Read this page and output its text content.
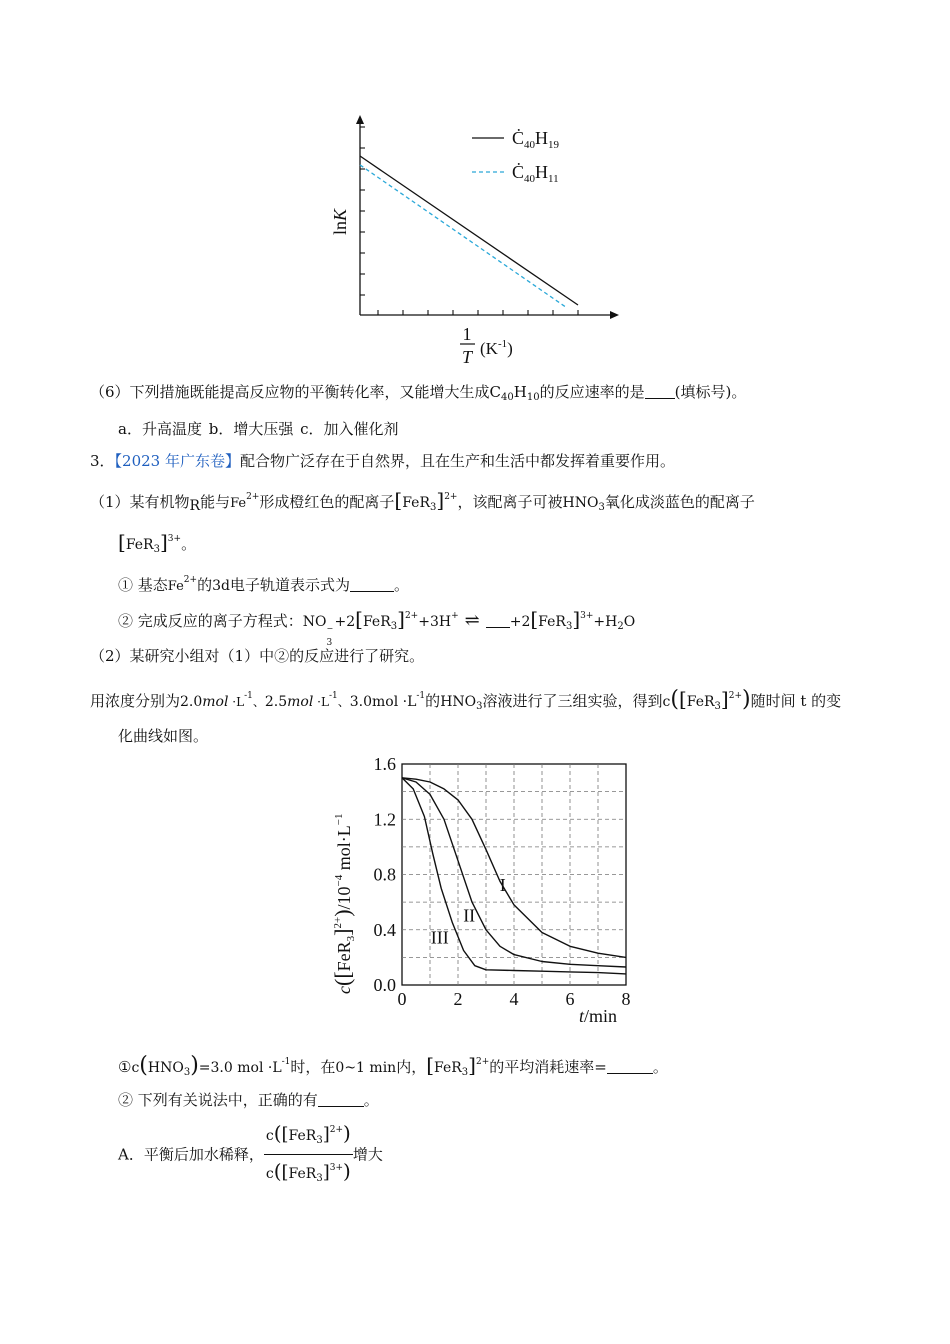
lnK
$Ċ_{40}H_{19}$
$Ċ_{40}H_{11}$
1
T $(K^{-1})$
（6）下列措施既能提高反应物的平衡转化率，又能增大生成$C_{40}H_{10}$的反应速率的是 (填标号)。
a．升高温度 b．增大压强 c．加入催化剂
3．【2023 年广东卷】配合物广泛存在于自然界，且在生产和生活中都发挥着重要作用。
（1）某有机物R能与$Fe^{2+}$形成橙红色的配离子$[FeR_3]^{2+}$，该配离子可被$HNO_3$氧化成淡蓝色的配离子
$[FeR_3]^{3+}$。
① 基态$Fe^{2+}$的3d电子轨道表示式为	。
② 完成反应的离子方程式：NO −
3
$+2[FeR_3]^{2+}+3H^+$ ⇌ $+2[FeR_3]^{3+}+H_2O$
（2）某研究小组对（1）中②的反应进行了研究。
用浓度分别为$2.0mol \cdot L^{-1}$、$2.5mol \cdot L^{-1}$、$3.0mol \cdot L^{-1}$的$HNO_3$溶液进行了三组实验，得到$c([FeR_3]^{2+})$随时间 t 的变
化曲线如图。
0	2	4	6	8
0.0
0.4
0.8
1.2
1.6
I
II
III
t/min
$c([FeR_3]^{2+})/10^{-4}$ $mol\cdot L^{-1}$
$①c(HNO_3)=3.0$ mol $\cdot L^{-1}$时，在0~1 min内，$[FeR_3]^{2+}$的平均消耗速率=	。
② 下列有关说法中，正确的有	。
A．平衡后加水稀释， $\frac{c([FeR_3]^{2+})}{c([FeR_3]^{3+})}$ 增大
